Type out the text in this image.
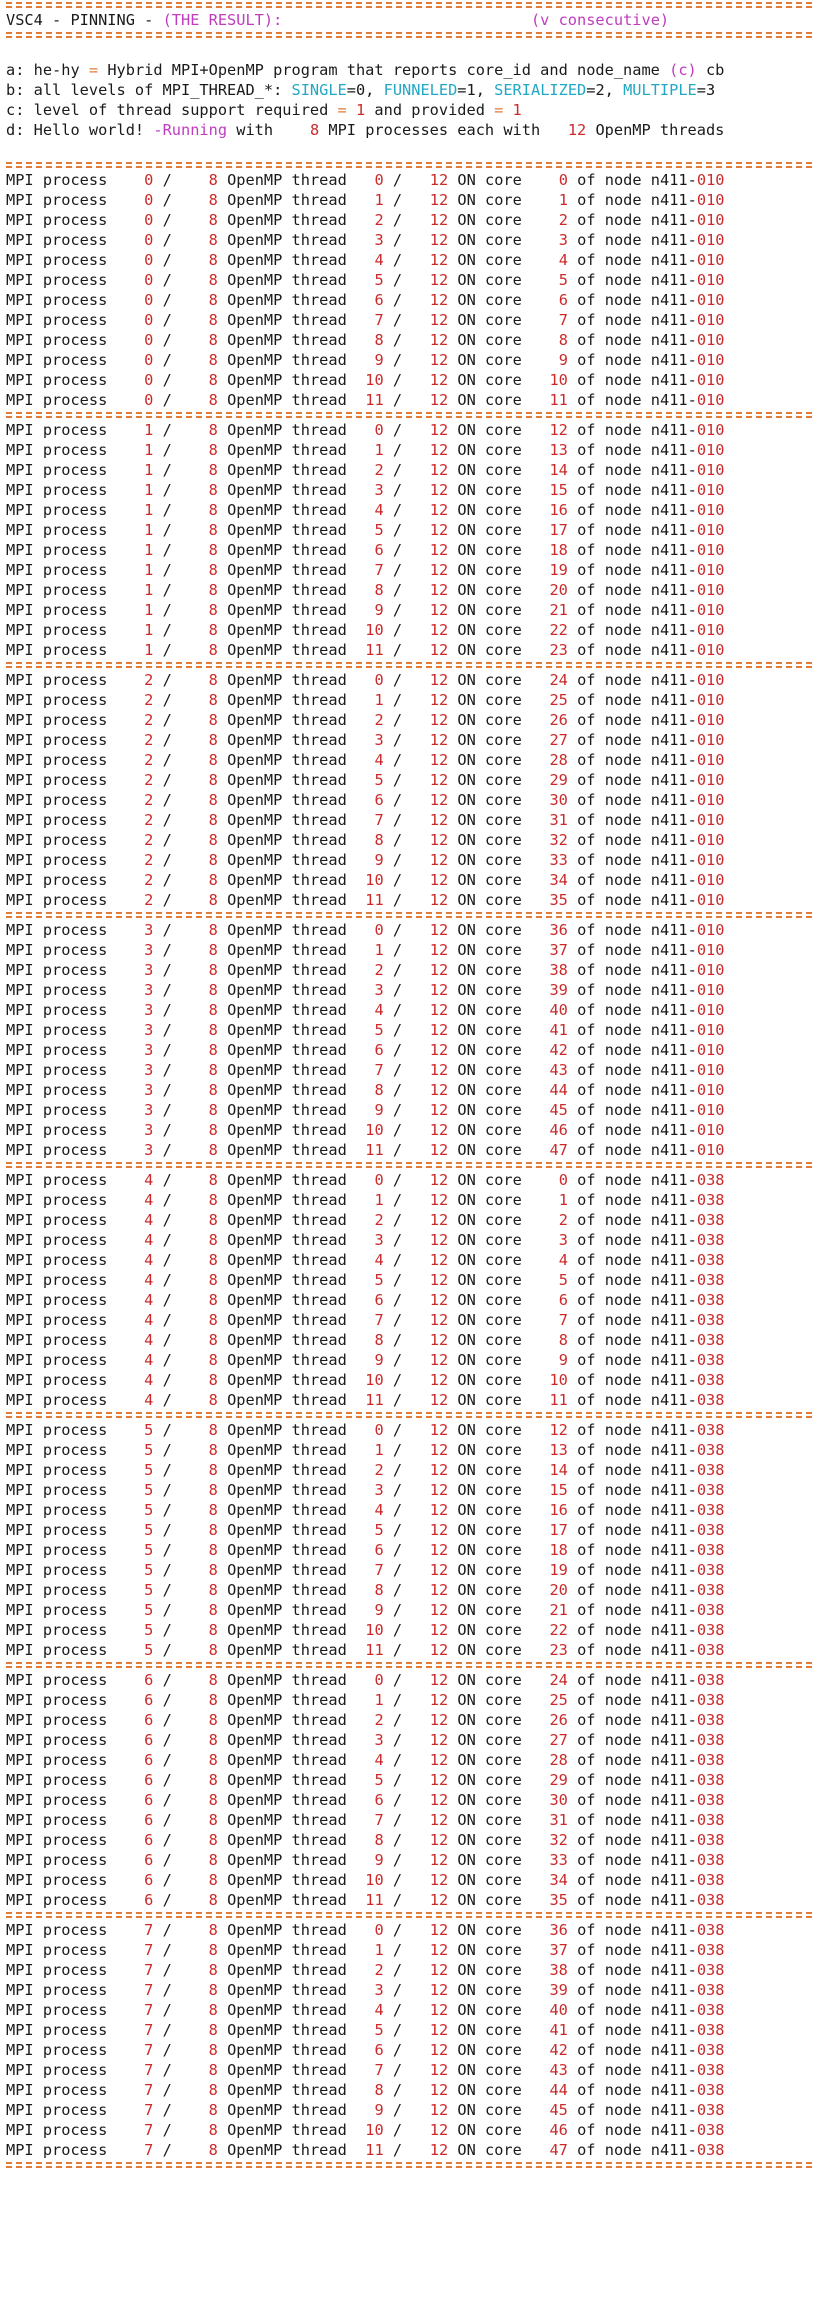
VSC4 - PINNING - (THE RESULT):	(v consecutive)

a: he-hy = Hybrid MPI+OpenMP program that reports core_id and node_name (c) cb
b: all levels of MPI_THREAD_*: SINGLE=0, FUNNELED=1, SERIALIZED=2, MULTIPLE=3
c: level of thread support required = 1 and provided = 1
d: Hello world! -Running with    8 MPI processes each with   12 OpenMP threads

MPI process    0 /    8 OpenMP thread   0 /   12 ON core    0 of node n411-010
MPI process    0 /    8 OpenMP thread   1 /   12 ON core    1 of node n411-010
MPI process    0 /    8 OpenMP thread   2 /   12 ON core    2 of node n411-010
MPI process    0 /    8 OpenMP thread   3 /   12 ON core    3 of node n411-010
MPI process    0 /    8 OpenMP thread   4 /   12 ON core    4 of node n411-010
MPI process    0 /    8 OpenMP thread   5 /   12 ON core    5 of node n411-010
MPI process    0 /    8 OpenMP thread   6 /   12 ON core    6 of node n411-010
MPI process    0 /    8 OpenMP thread   7 /   12 ON core    7 of node n411-010
MPI process    0 /    8 OpenMP thread   8 /   12 ON core    8 of node n411-010
MPI process    0 /    8 OpenMP thread   9 /   12 ON core    9 of node n411-010
MPI process    0 /    8 OpenMP thread  10 /   12 ON core   10 of node n411-010
MPI process    0 /    8 OpenMP thread  11 /   12 ON core   11 of node n411-010
MPI process    1 /    8 OpenMP thread   0 /   12 ON core   12 of node n411-010
MPI process    1 /    8 OpenMP thread   1 /   12 ON core   13 of node n411-010
MPI process    1 /    8 OpenMP thread   2 /   12 ON core   14 of node n411-010
MPI process    1 /    8 OpenMP thread   3 /   12 ON core   15 of node n411-010
MPI process    1 /    8 OpenMP thread   4 /   12 ON core   16 of node n411-010
MPI process    1 /    8 OpenMP thread   5 /   12 ON core   17 of node n411-010
MPI process    1 /    8 OpenMP thread   6 /   12 ON core   18 of node n411-010
MPI process    1 /    8 OpenMP thread   7 /   12 ON core   19 of node n411-010
MPI process    1 /    8 OpenMP thread   8 /   12 ON core   20 of node n411-010
MPI process    1 /    8 OpenMP thread   9 /   12 ON core   21 of node n411-010
MPI process    1 /    8 OpenMP thread  10 /   12 ON core   22 of node n411-010
MPI process    1 /    8 OpenMP thread  11 /   12 ON core   23 of node n411-010
MPI process    2 /    8 OpenMP thread   0 /   12 ON core   24 of node n411-010
MPI process    2 /    8 OpenMP thread   1 /   12 ON core   25 of node n411-010
MPI process    2 /    8 OpenMP thread   2 /   12 ON core   26 of node n411-010
MPI process    2 /    8 OpenMP thread   3 /   12 ON core   27 of node n411-010
MPI process    2 /    8 OpenMP thread   4 /   12 ON core   28 of node n411-010
MPI process    2 /    8 OpenMP thread   5 /   12 ON core   29 of node n411-010
MPI process    2 /    8 OpenMP thread   6 /   12 ON core   30 of node n411-010
MPI process    2 /    8 OpenMP thread   7 /   12 ON core   31 of node n411-010
MPI process    2 /    8 OpenMP thread   8 /   12 ON core   32 of node n411-010
MPI process    2 /    8 OpenMP thread   9 /   12 ON core   33 of node n411-010
MPI process    2 /    8 OpenMP thread  10 /   12 ON core   34 of node n411-010
MPI process    2 /    8 OpenMP thread  11 /   12 ON core   35 of node n411-010
MPI process    3 /    8 OpenMP thread   0 /   12 ON core   36 of node n411-010
MPI process    3 /    8 OpenMP thread   1 /   12 ON core   37 of node n411-010
MPI process    3 /    8 OpenMP thread   2 /   12 ON core   38 of node n411-010
MPI process    3 /    8 OpenMP thread   3 /   12 ON core   39 of node n411-010
MPI process    3 /    8 OpenMP thread   4 /   12 ON core   40 of node n411-010
MPI process    3 /    8 OpenMP thread   5 /   12 ON core   41 of node n411-010
MPI process    3 /    8 OpenMP thread   6 /   12 ON core   42 of node n411-010
MPI process    3 /    8 OpenMP thread   7 /   12 ON core   43 of node n411-010
MPI process    3 /    8 OpenMP thread   8 /   12 ON core   44 of node n411-010
MPI process    3 /    8 OpenMP thread   9 /   12 ON core   45 of node n411-010
MPI process    3 /    8 OpenMP thread  10 /   12 ON core   46 of node n411-010
MPI process    3 /    8 OpenMP thread  11 /   12 ON core   47 of node n411-010
MPI process    4 /    8 OpenMP thread   0 /   12 ON core    0 of node n411-038
MPI process    4 /    8 OpenMP thread   1 /   12 ON core    1 of node n411-038
MPI process    4 /    8 OpenMP thread   2 /   12 ON core    2 of node n411-038
MPI process    4 /    8 OpenMP thread   3 /   12 ON core    3 of node n411-038
MPI process    4 /    8 OpenMP thread   4 /   12 ON core    4 of node n411-038
MPI process    4 /    8 OpenMP thread   5 /   12 ON core    5 of node n411-038
MPI process    4 /    8 OpenMP thread   6 /   12 ON core    6 of node n411-038
MPI process    4 /    8 OpenMP thread   7 /   12 ON core    7 of node n411-038
MPI process    4 /    8 OpenMP thread   8 /   12 ON core    8 of node n411-038
MPI process    4 /    8 OpenMP thread   9 /   12 ON core    9 of node n411-038
MPI process    4 /    8 OpenMP thread  10 /   12 ON core   10 of node n411-038
MPI process    4 /    8 OpenMP thread  11 /   12 ON core   11 of node n411-038
MPI process    5 /    8 OpenMP thread   0 /   12 ON core   12 of node n411-038
MPI process    5 /    8 OpenMP thread   1 /   12 ON core   13 of node n411-038
MPI process    5 /    8 OpenMP thread   2 /   12 ON core   14 of node n411-038
MPI process    5 /    8 OpenMP thread   3 /   12 ON core   15 of node n411-038
MPI process    5 /    8 OpenMP thread   4 /   12 ON core   16 of node n411-038
MPI process    5 /    8 OpenMP thread   5 /   12 ON core   17 of node n411-038
MPI process    5 /    8 OpenMP thread   6 /   12 ON core   18 of node n411-038
MPI process    5 /    8 OpenMP thread   7 /   12 ON core   19 of node n411-038
MPI process    5 /    8 OpenMP thread   8 /   12 ON core   20 of node n411-038
MPI process    5 /    8 OpenMP thread   9 /   12 ON core   21 of node n411-038
MPI process    5 /    8 OpenMP thread  10 /   12 ON core   22 of node n411-038
MPI process    5 /    8 OpenMP thread  11 /   12 ON core   23 of node n411-038
MPI process    6 /    8 OpenMP thread   0 /   12 ON core   24 of node n411-038
MPI process    6 /    8 OpenMP thread   1 /   12 ON core   25 of node n411-038
MPI process    6 /    8 OpenMP thread   2 /   12 ON core   26 of node n411-038
MPI process    6 /    8 OpenMP thread   3 /   12 ON core   27 of node n411-038
MPI process    6 /    8 OpenMP thread   4 /   12 ON core   28 of node n411-038
MPI process    6 /    8 OpenMP thread   5 /   12 ON core   29 of node n411-038
MPI process    6 /    8 OpenMP thread   6 /   12 ON core   30 of node n411-038
MPI process    6 /    8 OpenMP thread   7 /   12 ON core   31 of node n411-038
MPI process    6 /    8 OpenMP thread   8 /   12 ON core   32 of node n411-038
MPI process    6 /    8 OpenMP thread   9 /   12 ON core   33 of node n411-038
MPI process    6 /    8 OpenMP thread  10 /   12 ON core   34 of node n411-038
MPI process    6 /    8 OpenMP thread  11 /   12 ON core   35 of node n411-038
MPI process    7 /    8 OpenMP thread   0 /   12 ON core   36 of node n411-038
MPI process    7 /    8 OpenMP thread   1 /   12 ON core   37 of node n411-038
MPI process    7 /    8 OpenMP thread   2 /   12 ON core   38 of node n411-038
MPI process    7 /    8 OpenMP thread   3 /   12 ON core   39 of node n411-038
MPI process    7 /    8 OpenMP thread   4 /   12 ON core   40 of node n411-038
MPI process    7 /    8 OpenMP thread   5 /   12 ON core   41 of node n411-038
MPI process    7 /    8 OpenMP thread   6 /   12 ON core   42 of node n411-038
MPI process    7 /    8 OpenMP thread   7 /   12 ON core   43 of node n411-038
MPI process    7 /    8 OpenMP thread   8 /   12 ON core   44 of node n411-038
MPI process    7 /    8 OpenMP thread   9 /   12 ON core   45 of node n411-038
MPI process    7 /    8 OpenMP thread  10 /   12 ON core   46 of node n411-038
MPI process    7 /    8 OpenMP thread  11 /   12 ON core   47 of node n411-038
